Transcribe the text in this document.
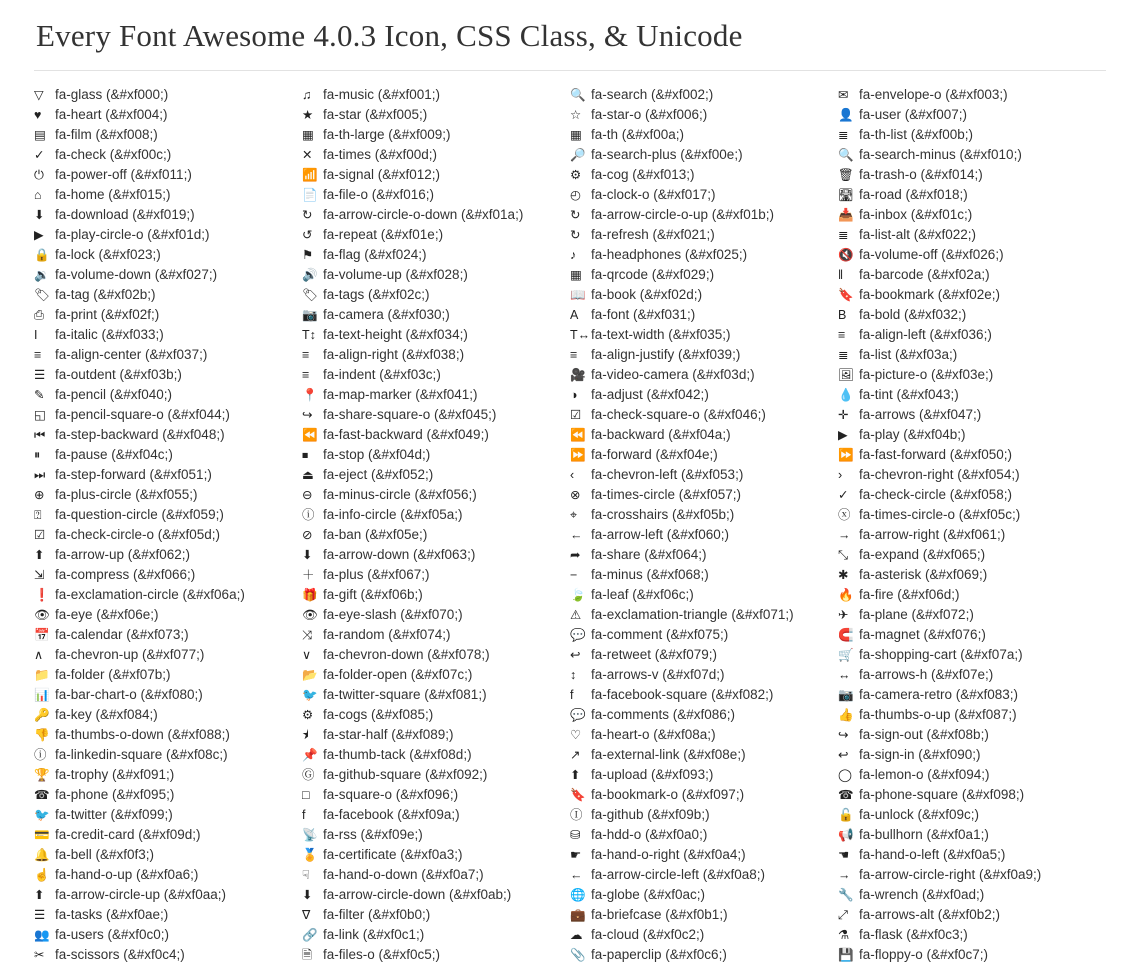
Every Font Awesome 4.0.3 Icon, CSS Class, & Unicode
▽ fa-glass (&#xf000;)
♥	fa-heart (&#xf004;)
▤ fa-film (&#xf008;)
✓ fa-check (&#xf00c;)
⏻ fa-power-off (&#xf011;)
⌂ fa-home (&#xf015;)
⬇ fa-download (&#xf019;)
▶ fa-play-circle-o (&#xf01d;)
🔒 fa-lock (&#xf023;)
🔉 fa-volume-down (&#xf027;)
🏷 fa-tag (&#xf02b;)
⎙ fa-print (&#xf02f;)
I	fa-italic (&#xf033;)
≡	fa-align-center (&#xf037;)
☰ fa-outdent (&#xf03b;)
✎ fa-pencil (&#xf040;)
◱ fa-pencil-square-o (&#xf044;)
⏮ fa-step-backward (&#xf048;)
⏸	fa-pause (&#xf04c;)
⏭ fa-step-forward (&#xf051;)
⊕ fa-plus-circle (&#xf055;)
⍰ fa-question-circle (&#xf059;)
☑ fa-check-circle-o (&#xf05d;)
⬆ fa-arrow-up (&#xf062;)
⇲ fa-compress (&#xf066;)
❗ fa-exclamation-circle (&#xf06a;)
👁 fa-eye (&#xf06e;)
📅 fa-calendar (&#xf073;)
∧ fa-chevron-up (&#xf077;)
📁 fa-folder (&#xf07b;)
📊 fa-bar-chart-o (&#xf080;)
🔑 fa-key (&#xf084;)
👎 fa-thumbs-o-down (&#xf088;)
ⓘ fa-linkedin-square (&#xf08c;)
🏆 fa-trophy (&#xf091;)
☎ fa-phone (&#xf095;)
🐦 fa-twitter (&#xf099;)
💳 fa-credit-card (&#xf09d;)
🔔 fa-bell (&#xf0f3;)
☝ fa-hand-o-up (&#xf0a6;)
⬆ fa-arrow-circle-up (&#xf0aa;)
☰ fa-tasks (&#xf0ae;)
👥 fa-users (&#xf0c0;)
✂ fa-scissors (&#xf0c4;)
♫ fa-music (&#xf001;)
★ fa-star (&#xf005;)
▦ fa-th-large (&#xf009;)
✕ fa-times (&#xf00d;)
📶 fa-signal (&#xf012;)
📄 fa-file-o (&#xf016;)
↻ fa-arrow-circle-o-down (&#xf01a;)
↺ fa-repeat (&#xf01e;)
⚑ fa-flag (&#xf024;)
🔊 fa-volume-up (&#xf028;)
🏷 fa-tags (&#xf02c;)
📷 fa-camera (&#xf030;)
T↕ fa-text-height (&#xf034;)
≡	fa-align-right (&#xf038;)
≡	fa-indent (&#xf03c;)
📍 fa-map-marker (&#xf041;)
↪ fa-share-square-o (&#xf045;)
⏪ fa-fast-backward (&#xf049;)
⏹	fa-stop (&#xf04d;)
⏏ fa-eject (&#xf052;)
⊖ fa-minus-circle (&#xf056;)
ⓘ fa-info-circle (&#xf05a;)
⊘ fa-ban (&#xf05e;)
⬇ fa-arrow-down (&#xf063;)
＋ fa-plus (&#xf067;)
🎁 fa-gift (&#xf06b;)
👁 fa-eye-slash (&#xf070;)
⤨ fa-random (&#xf074;)
∨ fa-chevron-down (&#xf078;)
📂 fa-folder-open (&#xf07c;)
🐦 fa-twitter-square (&#xf081;)
⚙ fa-cogs (&#xf085;)
⯨	fa-star-half (&#xf089;)
📌 fa-thumb-tack (&#xf08d;)
Ⓖ fa-github-square (&#xf092;)
□ fa-square-o (&#xf096;)
f	fa-facebook (&#xf09a;)
📡 fa-rss (&#xf09e;)
🏅 fa-certificate (&#xf0a3;)
☟ fa-hand-o-down (&#xf0a7;)
⬇ fa-arrow-circle-down (&#xf0ab;)
∇ fa-filter (&#xf0b0;)
🔗 fa-link (&#xf0c1;)
🗎 fa-files-o (&#xf0c5;)
🔍 fa-search (&#xf002;)
☆ fa-star-o (&#xf006;)
▦ fa-th (&#xf00a;)
🔎 fa-search-plus (&#xf00e;)
⚙ fa-cog (&#xf013;)
◴ fa-clock-o (&#xf017;)
↻ fa-arrow-circle-o-up (&#xf01b;)
↻ fa-refresh (&#xf021;)
♪	fa-headphones (&#xf025;)
▦ fa-qrcode (&#xf029;)
📖 fa-book (&#xf02d;)
A fa-font (&#xf031;)
T↔ fa-text-width (&#xf035;)
≡	fa-align-justify (&#xf039;)
🎥 fa-video-camera (&#xf03d;)
◑ fa-adjust (&#xf042;)
☑ fa-check-square-o (&#xf046;)
⏪ fa-backward (&#xf04a;)
⏩ fa-forward (&#xf04e;)
‹	fa-chevron-left (&#xf053;)
⊗ fa-times-circle (&#xf057;)
⌖	fa-crosshairs (&#xf05b;)
← fa-arrow-left (&#xf060;)
➦ fa-share (&#xf064;)
−	fa-minus (&#xf068;)
🍃 fa-leaf (&#xf06c;)
⚠ fa-exclamation-triangle (&#xf071;)
💬 fa-comment (&#xf075;)
↩ fa-retweet (&#xf079;)
↕	fa-arrows-v (&#xf07d;)
f	fa-facebook-square (&#xf082;)
💬 fa-comments (&#xf086;)
♡ fa-heart-o (&#xf08a;)
↗ fa-external-link (&#xf08e;)
⬆ fa-upload (&#xf093;)
🔖 fa-bookmark-o (&#xf097;)
Ⓘ fa-github (&#xf09b;)
⛁ fa-hdd-o (&#xf0a0;)
☛ fa-hand-o-right (&#xf0a4;)
← fa-arrow-circle-left (&#xf0a8;)
🌐 fa-globe (&#xf0ac;)
💼 fa-briefcase (&#xf0b1;)
☁ fa-cloud (&#xf0c2;)
📎 fa-paperclip (&#xf0c6;)
✉ fa-envelope-o (&#xf003;)
👤 fa-user (&#xf007;)
≣ fa-th-list (&#xf00b;)
🔍 fa-search-minus (&#xf010;)
🗑 fa-trash-o (&#xf014;)
🛣 fa-road (&#xf018;)
📥 fa-inbox (&#xf01c;)
≣ fa-list-alt (&#xf022;)
🔇 fa-volume-off (&#xf026;)
‖	fa-barcode (&#xf02a;)
🔖 fa-bookmark (&#xf02e;)
B fa-bold (&#xf032;)
≡	fa-align-left (&#xf036;)
≣ fa-list (&#xf03a;)
🖼 fa-picture-o (&#xf03e;)
💧 fa-tint (&#xf043;)
✛ fa-arrows (&#xf047;)
▶ fa-play (&#xf04b;)
⏩ fa-fast-forward (&#xf050;)
›	fa-chevron-right (&#xf054;)
✓ fa-check-circle (&#xf058;)
ⓧ fa-times-circle-o (&#xf05c;)
→ fa-arrow-right (&#xf061;)
⤡ fa-expand (&#xf065;)
✱ fa-asterisk (&#xf069;)
🔥 fa-fire (&#xf06d;)
✈ fa-plane (&#xf072;)
🧲 fa-magnet (&#xf076;)
🛒 fa-shopping-cart (&#xf07a;)
↔ fa-arrows-h (&#xf07e;)
📷 fa-camera-retro (&#xf083;)
👍 fa-thumbs-o-up (&#xf087;)
↪ fa-sign-out (&#xf08b;)
↩ fa-sign-in (&#xf090;)
◯ fa-lemon-o (&#xf094;)
☎ fa-phone-square (&#xf098;)
🔓 fa-unlock (&#xf09c;)
📢 fa-bullhorn (&#xf0a1;)
☚ fa-hand-o-left (&#xf0a5;)
→ fa-arrow-circle-right (&#xf0a9;)
🔧 fa-wrench (&#xf0ad;)
⤢ fa-arrows-alt (&#xf0b2;)
⚗ fa-flask (&#xf0c3;)
💾 fa-floppy-o (&#xf0c7;)
